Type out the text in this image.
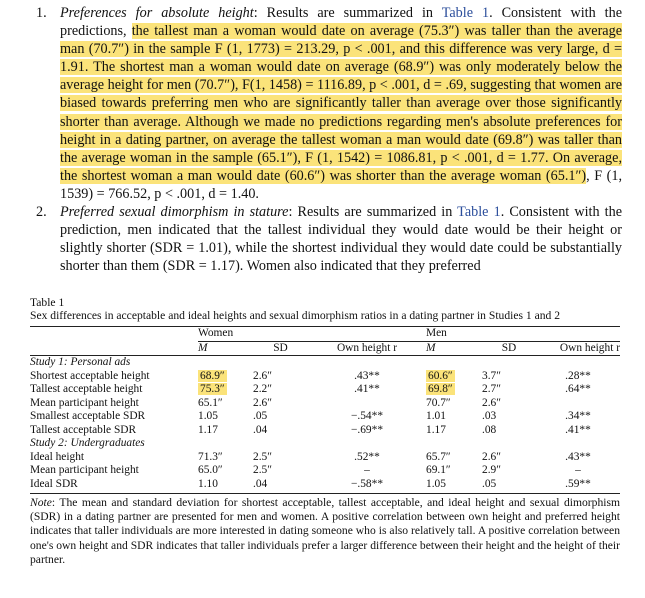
1. Preferences for absolute height: Results are summarized in Table 1. Consistent with the predictions, the tallest man a woman would date on average (75.3″) was taller than the average man (70.7″) in the sample F (1, 1773) = 213.29, p < .001, and this difference was very large, d = 1.91. The shortest man a woman would date on average (68.9″) was only moderately below the average height for men (70.7″), F(1, 1458) = 1116.89, p < .001, d = .69, suggesting that women are biased towards preferring men who are significantly taller than average over those significantly shorter than average. Although we made no predictions regarding men's absolute preferences for height in a dating partner, on average the tallest woman a man would date (69.8″) was taller than the average woman in the sample (65.1″), F (1, 1542) = 1086.81, p < .001, d = 1.77. On average, the shortest woman a man would date (60.6″) was shorter than the average woman (65.1″), F (1, 1539) = 766.52, p < .001, d = 1.40.
2. Preferred sexual dimorphism in stature: Results are summarized in Table 1. Consistent with the prediction, men indicated that the tallest individual they would date would be their height or slightly shorter (SDR = 1.01), while the shortest individual they would date could be substantially shorter than them (SDR = 1.17). Women also indicated that they preferred
Table 1
Sex differences in acceptable and ideal heights and sexual dimorphism ratios in a dating partner in Studies 1 and 2

	Women			Men		
	M	SD	Own height r	M	SD	Own height r
Study 1: Personal ads						
Shortest acceptable height	68.9″	2.6″	.43**	60.6″	3.7″	.28**
Tallest acceptable height	75.3″	2.2″	.41**	69.8″	2.7″	.64**
Mean participant height	65.1″	2.6″		70.7″	2.6″	
Smallest acceptable SDR	1.05	.05	−.54**	1.01	.03	.34**
Tallest acceptable SDR	1.17	.04	−.69**	1.17	.08	.41**
Study 2: Undergraduates						
Ideal height	71.3″	2.5″	.52**	65.7″	2.6″	.43**
Mean participant height	65.0″	2.5″	–	69.1″	2.9″	–
Ideal SDR	1.10	.04	−.58**	1.05	.05	.59**

Note: The mean and standard deviation for shortest acceptable, tallest acceptable, and ideal height and sexual dimorphism (SDR) in a dating partner are presented for men and women. A positive correlation between own height and preferred height indicates that taller individuals are more interested in dating someone who is also relatively tall. A positive correlation between one's own height and SDR indicates that taller individuals prefer a larger difference between their height and the height of their partner.
